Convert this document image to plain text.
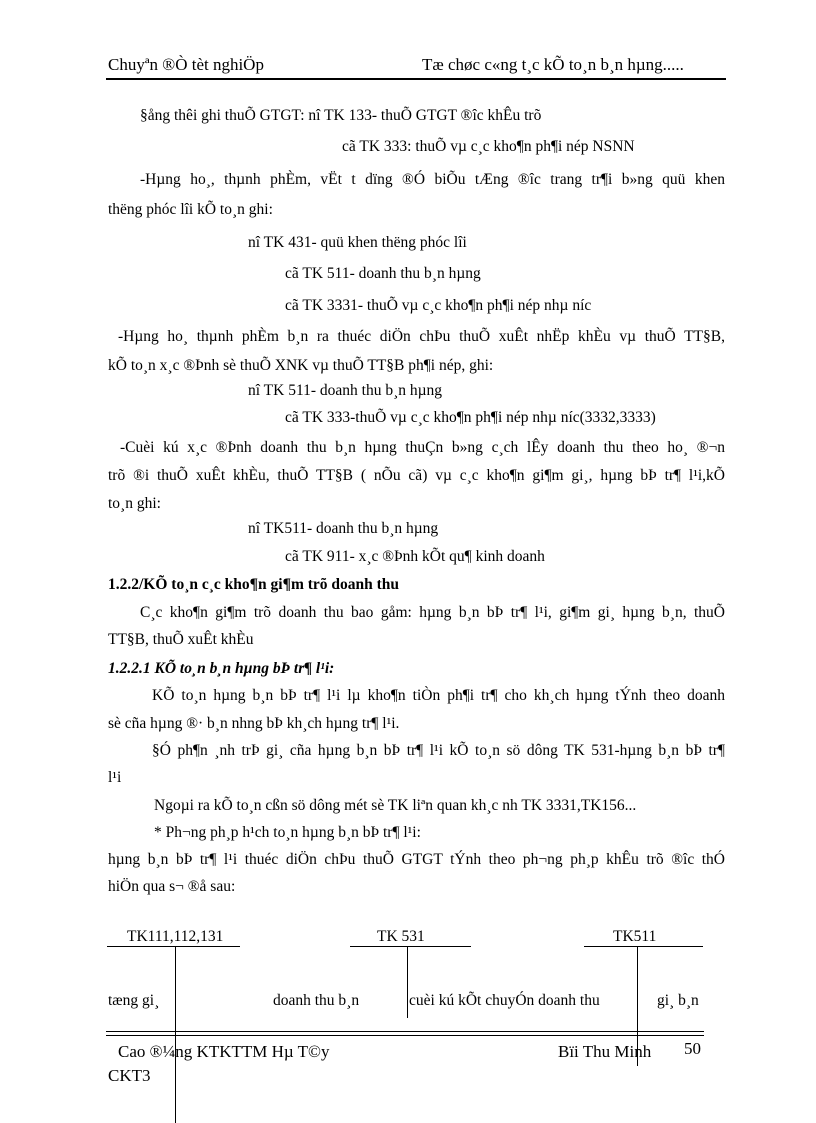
Chuyªn ®Ò tèt nghiÖp	Tæ chøc c«ng t¸c kÕ to¸n b¸n hµng.....
§ång thêi ghi thuÕ GTGT: nî TK 133- thuÕ GTGT ®îc khÊu trõ
cã TK 333: thuÕ vµ c¸c kho¶n ph¶i nép NSNN
-Hµng ho¸, thµnh phÈm, vËt t dïng ®Ó biÕu tÆng ®îc trang tr¶i b»ng quü khen
thëng phóc lîi kÕ to¸n ghi:
nî TK 431- quü khen thëng phóc lîi
cã TK 511- doanh thu b¸n hµng
cã TK 3331- thuÕ vµ c¸c kho¶n ph¶i nép nhµ níc
-Hµng ho¸ thµnh phÈm b¸n ra thuéc diÖn chÞu thuÕ xuÊt nhËp khÈu vµ thuÕ TT§B,
kÕ to¸n x¸c ®Þnh sè thuÕ XNK vµ thuÕ TT§B ph¶i nép, ghi:
nî TK 511- doanh thu b¸n hµng
cã TK 333-thuÕ vµ c¸c kho¶n ph¶i nép nhµ níc(3332,3333)
-Cuèi kú x¸c ®Þnh doanh thu b¸n hµng thuÇn b»ng c¸ch lÊy doanh thu theo ho¸ ®¬n
trõ ®i thuÕ xuÊt khÈu, thuÕ TT§B ( nÕu cã) vµ c¸c kho¶n gi¶m gi¸, hµng bÞ tr¶ l¹i,kÕ
to¸n ghi:
nî TK511- doanh thu b¸n hµng
cã TK 911- x¸c ®Þnh kÕt qu¶ kinh doanh
1.2.2/KÕ to¸n c¸c kho¶n gi¶m trõ doanh thu
C¸c kho¶n gi¶m trõ doanh thu bao gåm: hµng b¸n bÞ tr¶ l¹i, gi¶m gi¸ hµng b¸n, thuÕ
TT§B, thuÕ xuÊt khÈu
1.2.2.1 KÕ to¸n b¸n hµng bÞ tr¶ l¹i:
KÕ to¸n hµng b¸n bÞ tr¶ l¹i lµ kho¶n tiÒn ph¶i tr¶ cho kh¸ch hµng tÝnh theo doanh
sè cña hµng ®· b¸n nhng bÞ kh¸ch hµng tr¶ l¹i.
§Ó ph¶n ¸nh trÞ gi¸ cña hµng b¸n bÞ tr¶ l¹i kÕ to¸n sö dông TK 531-hµng b¸n bÞ tr¶
l¹i
Ngoµi ra kÕ to¸n cßn sö dông mét sè TK liªn quan kh¸c nh TK 3331,TK156...
* Ph¬ng ph¸p h¹ch to¸n hµng b¸n bÞ tr¶ l¹i:
hµng b¸n bÞ tr¶ l¹i thuéc diÖn chÞu thuÕ GTGT tÝnh theo ph¬ng ph¸p khÊu trõ ®îc thÓ
hiÖn qua s¬ ®å sau:
TK111,112,131	TK 531	TK511
tæng gi¸	doanh thu b¸n	cuèi kú kÕt chuyÓn doanh thu	gi¸ b¸n
Cao ®¼ng KTKTTM Hµ T©y	Bïi Thu Minh 50
CKT3
